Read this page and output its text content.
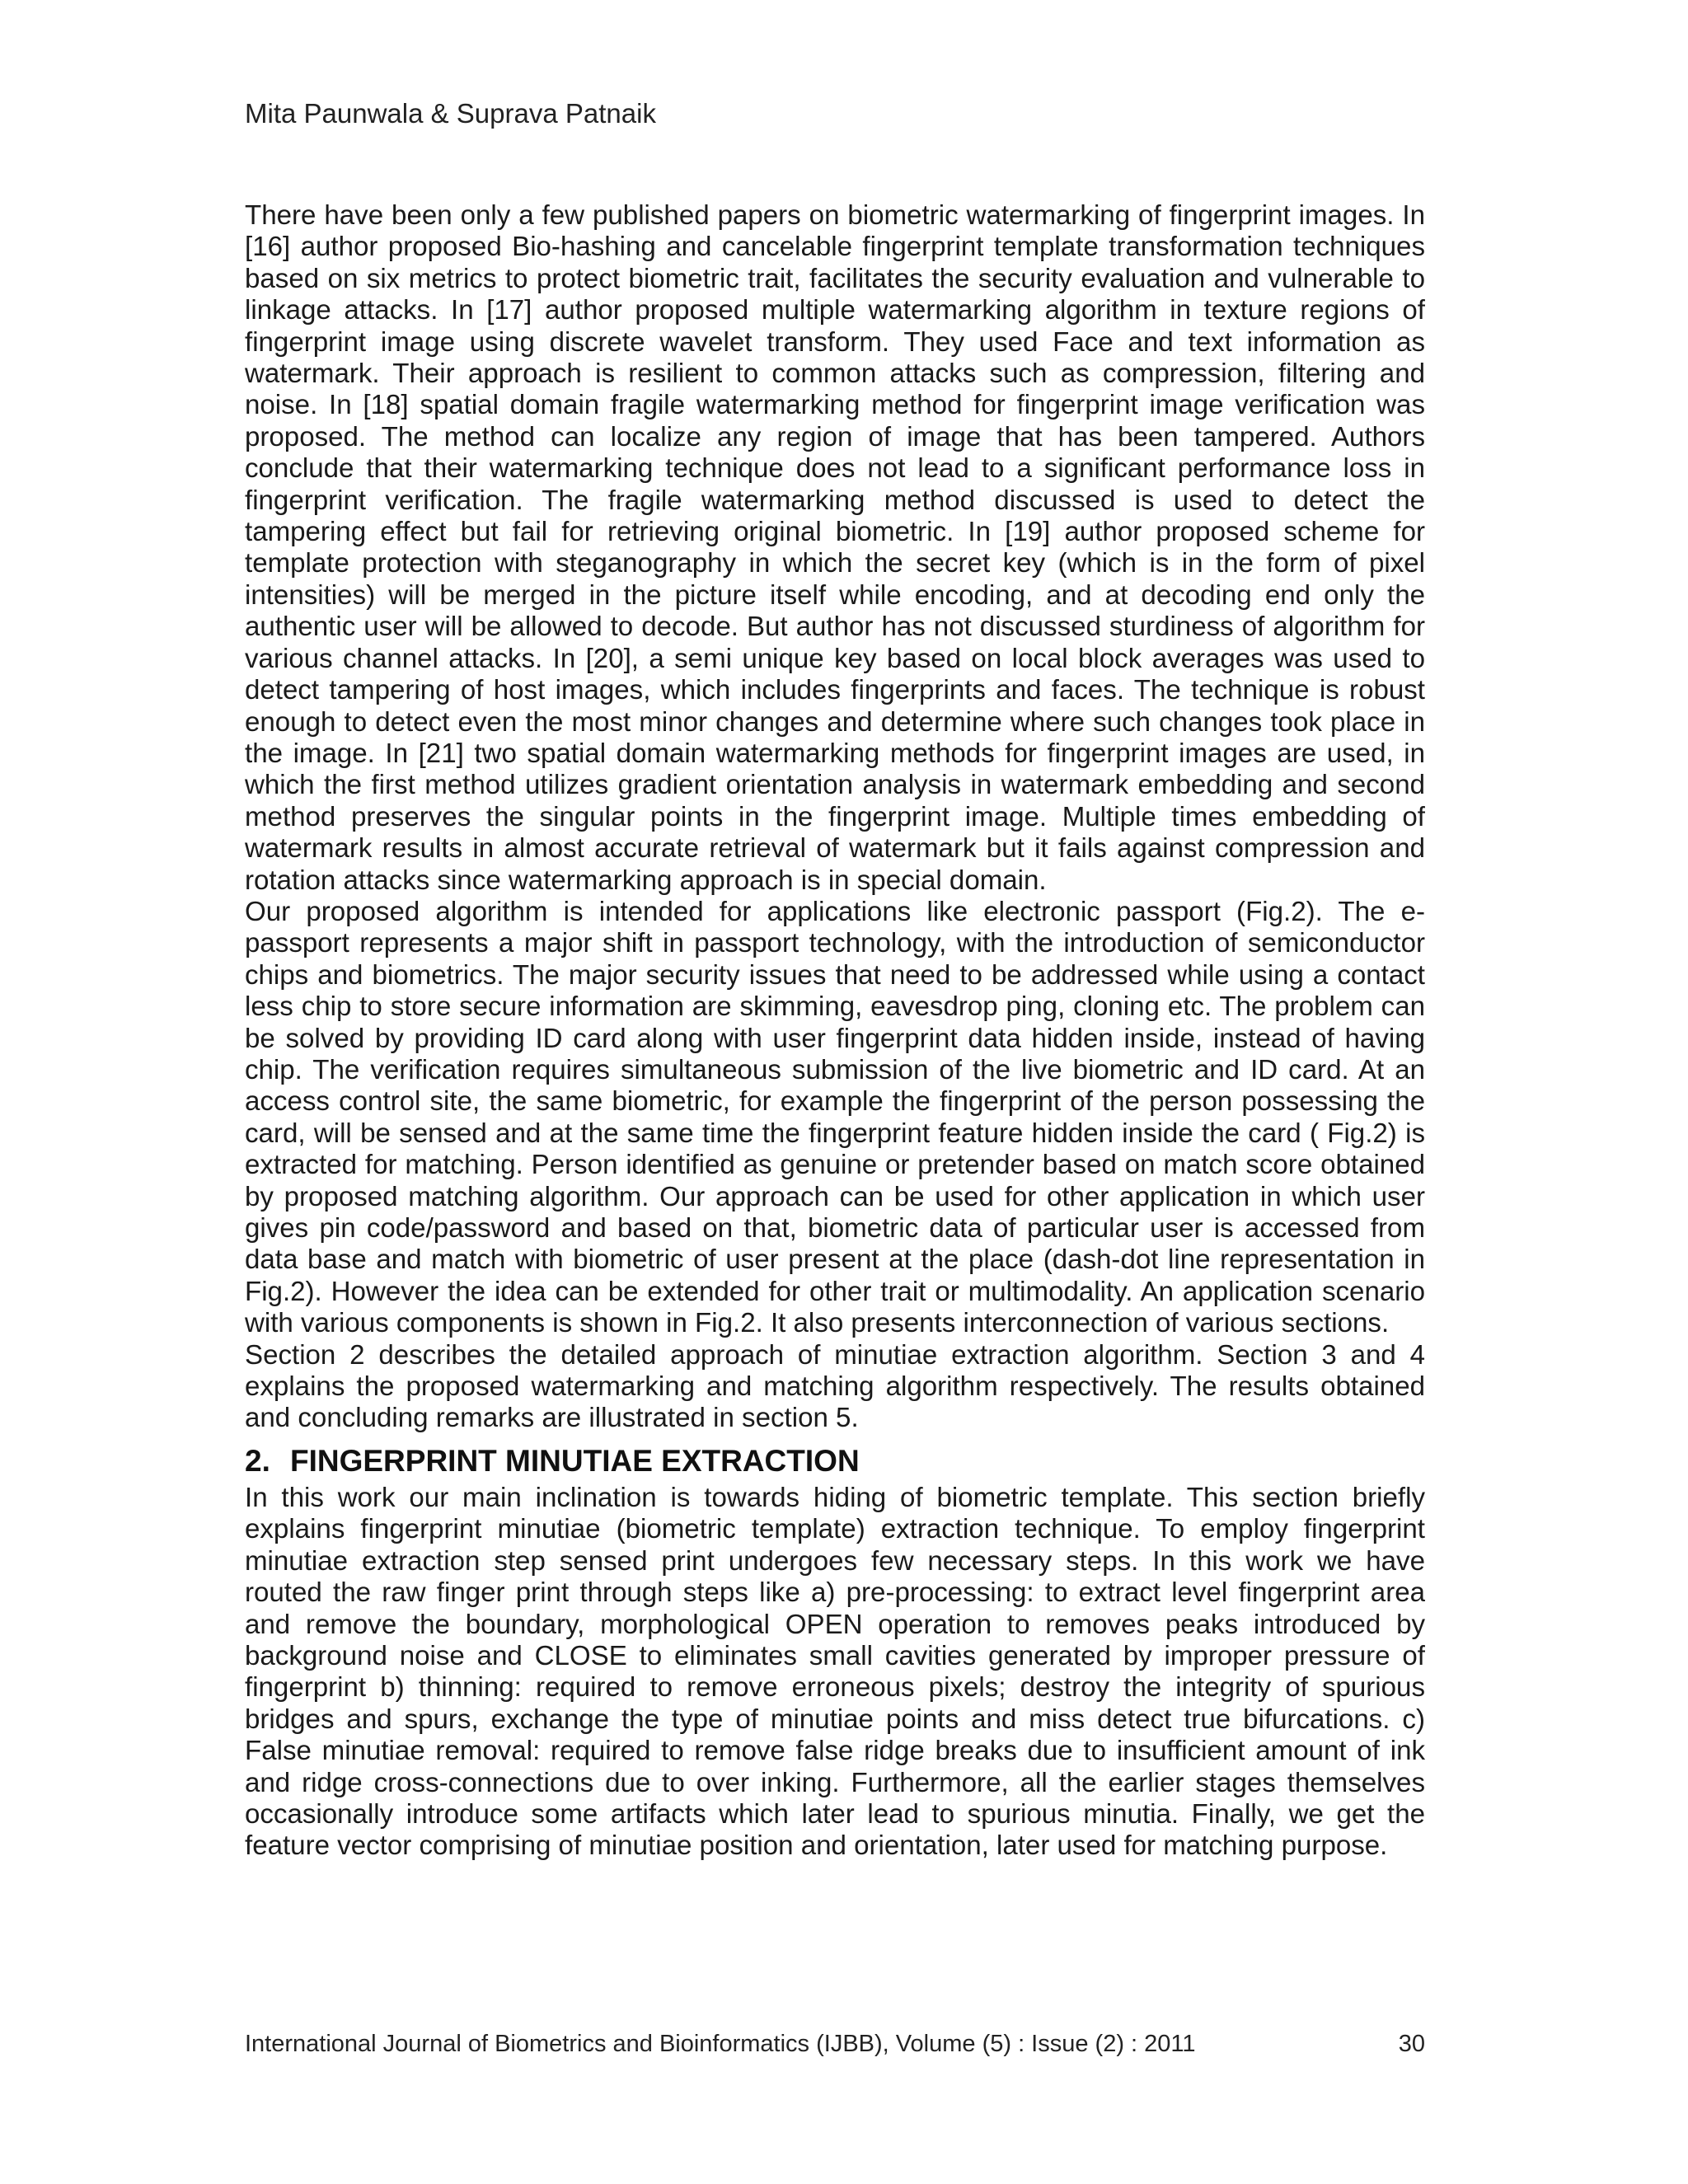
Mita Paunwala & Suprava Patnaik

There have been only a few published papers on biometric watermarking of fingerprint images. In [16] author proposed Bio-hashing and cancelable fingerprint template transformation techniques based on six metrics to protect biometric trait, facilitates the security evaluation and vulnerable to linkage attacks. In [17] author proposed multiple watermarking algorithm in texture regions of fingerprint image using discrete wavelet transform. They used Face and text information as watermark. Their approach is resilient to common attacks such as compression, filtering and noise. In [18] spatial domain fragile watermarking method for fingerprint image verification was proposed. The method can localize any region of image that has been tampered. Authors conclude that their watermarking technique does not lead to a significant performance loss in fingerprint verification. The fragile watermarking method discussed is used to detect the tampering effect but fail for retrieving original biometric. In [19] author proposed scheme for template protection with steganography in which the secret key (which is in the form of pixel intensities) will be merged in the picture itself while encoding, and at decoding end only the authentic user will be allowed to decode. But author has not discussed sturdiness of algorithm for various channel attacks. In [20], a semi unique key based on local block averages was used to detect tampering of host images, which includes fingerprints and faces. The technique is robust enough to detect even the most minor changes and determine where such changes took place in the image. In [21] two spatial domain watermarking methods for fingerprint images are used, in which the first method utilizes gradient orientation analysis in watermark embedding and second method preserves the singular points in the fingerprint image. Multiple times embedding of watermark results in almost accurate retrieval of watermark but it fails against compression and rotation attacks since watermarking approach is in special domain.

Our proposed algorithm is intended for applications like electronic passport (Fig.2). The e-passport represents a major shift in passport technology, with the introduction of semiconductor chips and biometrics. The major security issues that need to be addressed while using a contact less chip to store secure information are skimming, eavesdrop ping, cloning etc. The problem can be solved by providing ID card along with user fingerprint data hidden inside, instead of having chip. The verification requires simultaneous submission of the live biometric and ID card. At an access control site, the same biometric, for example the fingerprint of the person possessing the card, will be sensed and at the same time the fingerprint feature hidden inside the card ( Fig.2) is extracted for matching. Person identified as genuine or pretender based on match score obtained by proposed matching algorithm. Our approach can be used for other application in which user gives pin code/password and based on that, biometric data of particular user is accessed from data base and match with biometric of user present at the place (dash-dot line representation in Fig.2). However the idea can be extended for other trait or multimodality. An application scenario with various components is shown in Fig.2. It also presents interconnection of various sections.

Section 2 describes the detailed approach of minutiae extraction algorithm. Section 3 and 4 explains the proposed watermarking and matching algorithm respectively. The results obtained and concluding remarks are illustrated in section 5.

2. FINGERPRINT MINUTIAE EXTRACTION

In this work our main inclination is towards hiding of biometric template. This section briefly explains fingerprint minutiae (biometric template) extraction technique. To employ fingerprint minutiae extraction step sensed print undergoes few necessary steps. In this work we have routed the raw finger print through steps like a) pre-processing: to extract level fingerprint area and remove the boundary, morphological OPEN operation to removes peaks introduced by background noise and CLOSE to eliminates small cavities generated by improper pressure of fingerprint b) thinning: required to remove erroneous pixels; destroy the integrity of spurious bridges and spurs, exchange the type of minutiae points and miss detect true bifurcations. c) False minutiae removal: required to remove false ridge breaks due to insufficient amount of ink and ridge cross-connections due to over inking. Furthermore, all the earlier stages themselves occasionally introduce some artifacts which later lead to spurious minutia. Finally, we get the feature vector comprising of minutiae position and orientation, later used for matching purpose.

International Journal of Biometrics and Bioinformatics (IJBB), Volume (5) : Issue (2) : 2011	30
